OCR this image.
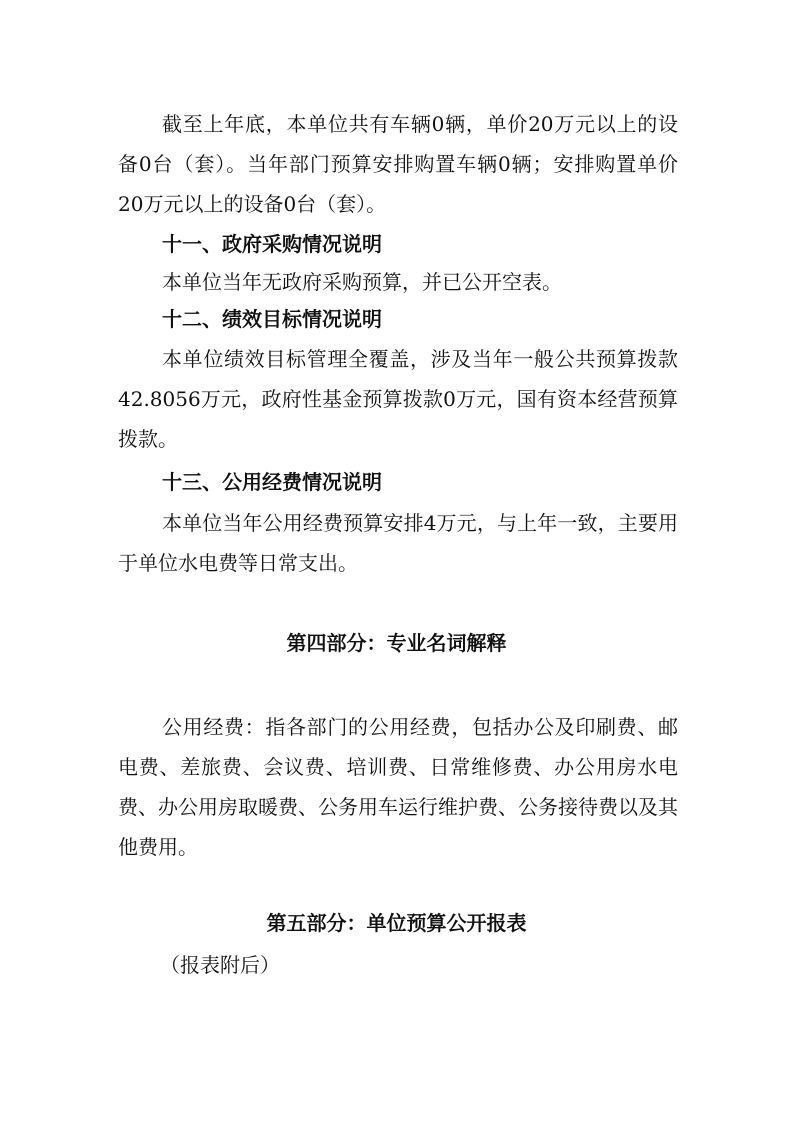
截至上年底，本单位共有车辆0辆，单价20万元以上的设备0台（套）。当年部门预算安排购置车辆0辆；安排购置单价20万元以上的设备0台（套）。

十一、政府采购情况说明

本单位当年无政府采购预算，并已公开空表。

十二、绩效目标情况说明

本单位绩效目标管理全覆盖，涉及当年一般公共预算拨款42.8056万元，政府性基金预算拨款0万元，国有资本经营预算拨款。

十三、公用经费情况说明

本单位当年公用经费预算安排4万元，与上年一致，主要用于单位水电费等日常支出。

第四部分：专业名词解释

公用经费：指各部门的公用经费，包括办公及印刷费、邮电费、差旅费、会议费、培训费、日常维修费、办公用房水电费、办公用房取暖费、公务用车运行维护费、公务接待费以及其他费用。

第五部分：单位预算公开报表

（报表附后）
